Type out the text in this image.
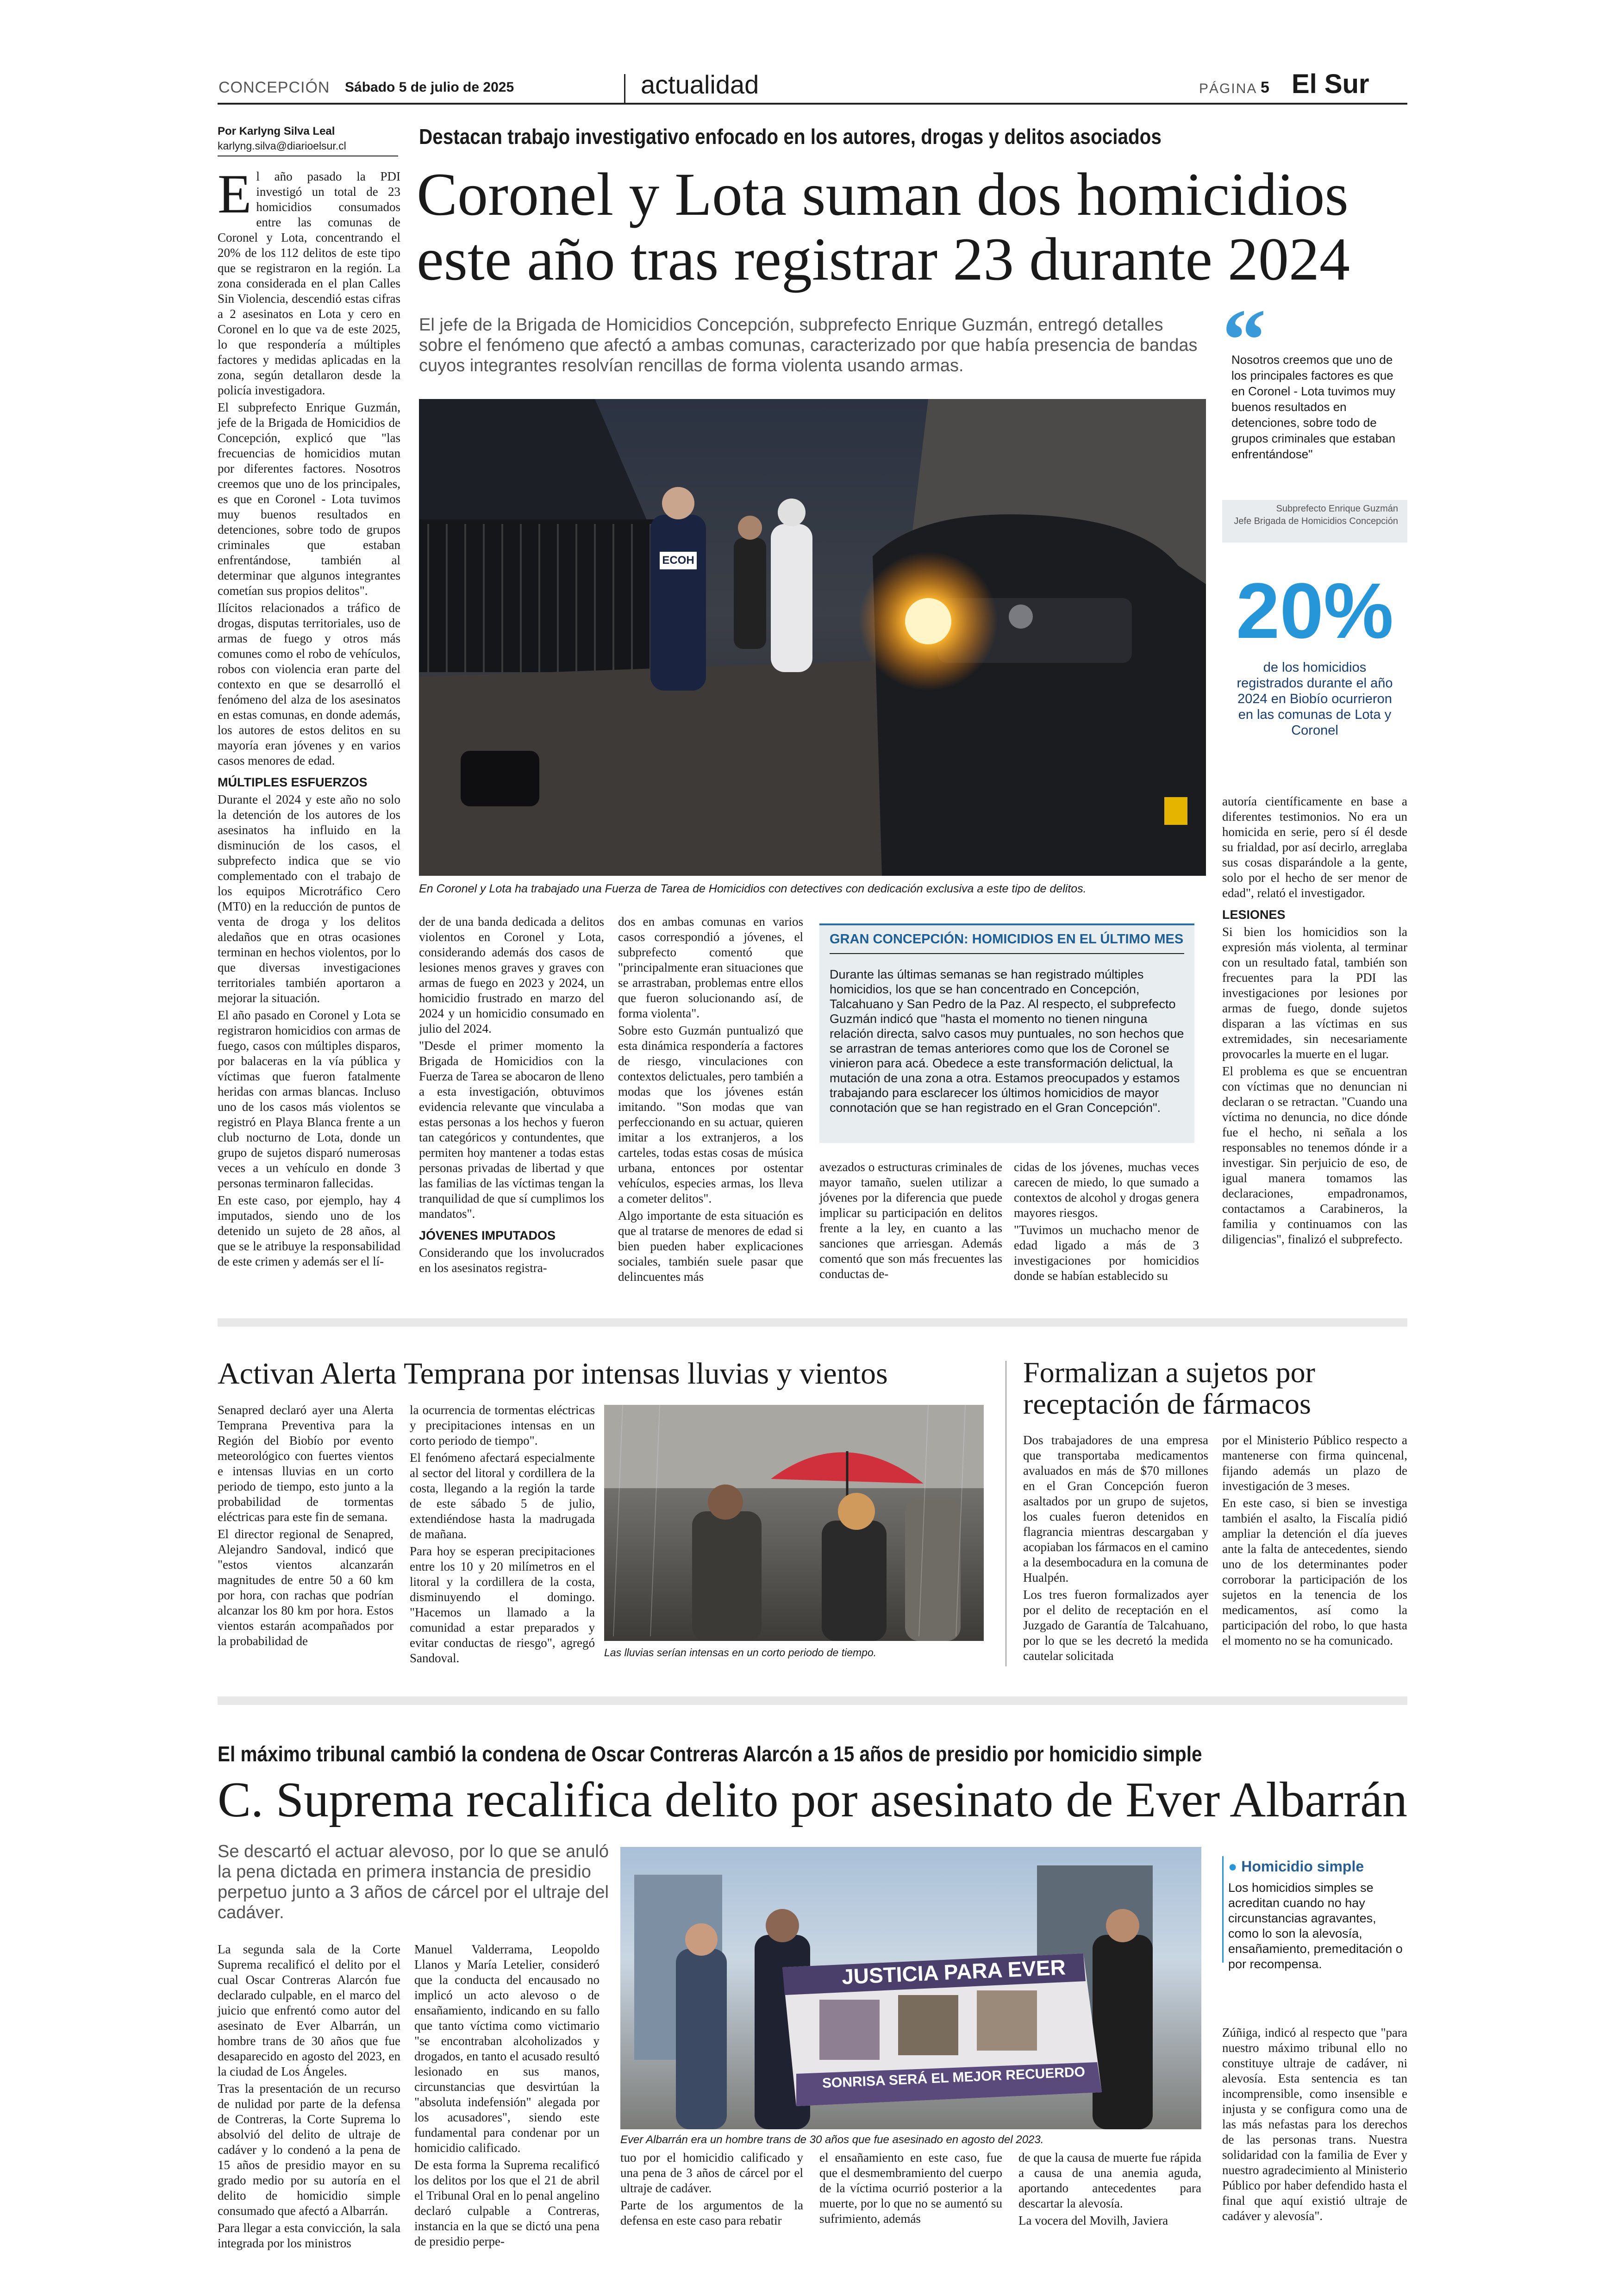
CONCEPCIÓN Sábado 5 de julio de 2025	actualidad	PÁGINA 5 El Sur
Por Karlyng Silva Leal
karlyng.silva@diarioelsur.cl	Destacan trabajo investigativo enfocado en los autores, drogas y delitos asociados
Coronel y Lota suman dos homicidios
este año tras registrar 23 durante 2024
El jefe de la Brigada de Homicidios Concepción, subprefecto Enrique Guzmán, entregó detalles sobre el fenómeno que afectó a ambas comunas, caracterizado por que había presencia de bandas cuyos integrantes resolvían rencillas de forma violenta usando armas.

El año pasado la PDI investigó un total de 23 homicidios consumados entre las comunas de Coronel y Lota, concentrando el 20% de los 112 delitos de este tipo que se registraron en la región. La zona considerada en el plan Calles Sin Violencia, descendió estas cifras a 2 asesinatos en Lota y cero en Coronel en lo que va de este 2025, lo que respondería a múltiples factores y medidas aplicadas en la zona, según detallaron desde la policía investigadora.

El subprefecto Enrique Guzmán, jefe de la Brigada de Homicidios de Concepción, explicó que "las frecuencias de homicidios mutan por diferentes factores. Nosotros creemos que uno de los principales, es que en Coronel - Lota tuvimos muy buenos resultados en detenciones, sobre todo de grupos criminales que estaban enfrentándose, también al determinar que algunos integrantes cometían sus propios delitos".

Ilícitos relacionados a tráfico de drogas, disputas territoriales, uso de armas de fuego y otros más comunes como el robo de vehículos, robos con violencia eran parte del contexto en que se desarrolló el fenómeno del alza de los asesinatos en estas comunas, en donde además, los autores de estos delitos en su mayoría eran jóvenes y en varios casos menores de edad.

MÚLTIPLES ESFUERZOS

Durante el 2024 y este año no solo la detención de los autores de los asesinatos ha influido en la disminución de los casos, el subprefecto indica que se vio complementado con el trabajo de los equipos Microtráfico Cero (MT0) en la reducción de puntos de venta de droga y los delitos aledaños que en otras ocasiones terminan en hechos violentos, por lo que diversas investigaciones territoriales también aportaron a mejorar la situación.

El año pasado en Coronel y Lota se registraron homicidios con armas de fuego, casos con múltiples disparos, por balaceras en la vía pública y víctimas que fueron fatalmente heridas con armas blancas. Incluso uno de los casos más violentos se registró en Playa Blanca frente a un club nocturno de Lota, donde un grupo de sujetos disparó numerosas veces a un vehículo en donde 3 personas terminaron fallecidas.

En este caso, por ejemplo, hay 4 imputados, siendo uno de los detenido un sujeto de 28 años, al que se le atribuye la responsabilidad de este crimen y además ser el lí-

ECOH
En Coronel y Lota ha trabajado una Fuerza de Tarea de Homicidios con detectives con dedicación exclusiva a este tipo de delitos.
“
Nosotros creemos que uno de los principales factores es que en Coronel - Lota tuvimos muy buenos resultados en detenciones, sobre todo de grupos criminales que estaban enfrentándose"
Subprefecto Enrique Guzmán
Jefe Brigada de Homicidios Concepción
20%
de los homicidios registrados durante el año 2024 en Biobío ocurrieron en las comunas de Lota y Coronel

autoría científicamente en base a diferentes testimonios. No era un homicida en serie, pero sí él desde su frialdad, por así decirlo, arreglaba sus cosas disparándole a la gente, solo por el hecho de ser menor de edad", relató el investigador.

LESIONES

Si bien los homicidios son la expresión más violenta, al terminar con un resultado fatal, también son frecuentes para la PDI las investigaciones por lesiones por armas de fuego, donde sujetos disparan a las víctimas en sus extremidades, sin necesariamente provocarles la muerte en el lugar.

El problema es que se encuentran con víctimas que no denuncian ni declaran o se retractan. "Cuando una víctima no denuncia, no dice dónde fue el hecho, ni señala a los responsables no tenemos dónde ir a investigar. Sin perjuicio de eso, de igual manera tomamos las declaraciones, empadronamos, contactamos a Carabineros, la familia y continuamos con las diligencias", finalizó el subprefecto.

der de una banda dedicada a delitos violentos en Coronel y Lota, considerando además dos casos de lesiones menos graves y graves con armas de fuego en 2023 y 2024, un homicidio frustrado en marzo del 2024 y un homicidio consumado en julio del 2024.

"Desde el primer momento la Brigada de Homicidios con la Fuerza de Tarea se abocaron de lleno a esta investigación, obtuvimos evidencia relevante que vinculaba a estas personas a los hechos y fueron tan categóricos y contundentes, que permiten hoy mantener a todas estas personas privadas de libertad y que las familias de las víctimas tengan la tranquilidad de que sí cumplimos los mandatos".

JÓVENES IMPUTADOS

Considerando que los involucrados en los asesinatos registra-

dos en ambas comunas en varios casos correspondió a jóvenes, el subprefecto comentó que "principalmente eran situaciones que se arrastraban, problemas entre ellos que fueron solucionando así, de forma violenta".

Sobre esto Guzmán puntualizó que esta dinámica respondería a factores de riesgo, vinculaciones con contextos delictuales, pero también a modas que los jóvenes están imitando. "Son modas que van perfeccionando en su actuar, quieren imitar a los extranjeros, a los carteles, todas estas cosas de música urbana, entonces por ostentar vehículos, especies armas, los lleva a cometer delitos".

Algo importante de esta situación es que al tratarse de menores de edad si bien pueden haber explicaciones sociales, también suele pasar que delincuentes más

GRAN CONCEPCIÓN: HOMICIDIOS EN EL ÚLTIMO MES
Durante las últimas semanas se han registrado múltiples homicidios, los que se han concentrado en Concepción, Talcahuano y San Pedro de la Paz. Al respecto, el subprefecto Guzmán indicó que "hasta el momento no tienen ninguna relación directa, salvo casos muy puntuales, no son hechos que se arrastran de temas anteriores como que los de Coronel se vinieron para acá. Obedece a este transformación delictual, la mutación de una zona a otra. Estamos preocupados y estamos trabajando para esclarecer los últimos homicidios de mayor connotación que se han registrado en el Gran Concepción".

avezados o estructuras criminales de mayor tamaño, suelen utilizar a jóvenes por la diferencia que puede implicar su participación en delitos frente a la ley, en cuanto a las sanciones que arriesgan. Además comentó que son más frecuentes las conductas de-

cidas de los jóvenes, muchas veces carecen de miedo, lo que sumado a contextos de alcohol y drogas genera mayores riesgos.

"Tuvimos un muchacho menor de edad ligado a más de 3 investigaciones por homicidios donde se habían establecido su

Activan Alerta Temprana por intensas lluvias y vientos

Senapred declaró ayer una Alerta Temprana Preventiva para la Región del Biobío por evento meteorológico con fuertes vientos e intensas lluvias en un corto periodo de tiempo, esto junto a la probabilidad de tormentas eléctricas para este fin de semana.

El director regional de Senapred, Alejandro Sandoval, indicó que "estos vientos alcanzarán magnitudes de entre 50 a 60 km por hora, con rachas que podrían alcanzar los 80 km por hora. Estos vientos estarán acompañados por la probabilidad de

la ocurrencia de tormentas eléctricas y precipitaciones intensas en un corto periodo de tiempo".

El fenómeno afectará especialmente al sector del litoral y cordillera de la costa, llegando a la región la tarde de este sábado 5 de julio, extendiéndose hasta la madrugada de mañana.

Para hoy se esperan precipitaciones entre los 10 y 20 milímetros en el litoral y la cordillera de la costa, disminuyendo el domingo. "Hacemos un llamado a la comunidad a estar preparados y evitar conductas de riesgo", agregó Sandoval.	Las lluvias serían intensas en un corto periodo de tiempo.
Formalizan a sujetos por
receptación de fármacos

Dos trabajadores de una empresa que transportaba medicamentos avaluados en más de $70 millones en el Gran Concepción fueron asaltados por un grupo de sujetos, los cuales fueron detenidos en flagrancia mientras descargaban y acopiaban los fármacos en el camino a la desembocadura en la comuna de Hualpén.

Los tres fueron formalizados ayer por el delito de receptación en el Juzgado de Garantía de Talcahuano, por lo que se les decretó la medida cautelar solicitada

por el Ministerio Público respecto a mantenerse con firma quincenal, fijando además un plazo de investigación de 3 meses.

En este caso, si bien se investiga también el asalto, la Fiscalía pidió ampliar la detención el día jueves ante la falta de antecedentes, siendo uno de los determinantes poder corroborar la participación de los sujetos en la tenencia de los medicamentos, así como la participación del robo, lo que hasta el momento no se ha comunicado.

El máximo tribunal cambió la condena de Oscar Contreras Alarcón a 15 años de presidio por homicidio simple
C. Suprema recalifica delito por asesinato de Ever Albarrán
Se descartó el actuar alevoso, por lo que se anuló la pena dictada en primera instancia de presidio perpetuo junto a 3 años de cárcel por el ultraje del cadáver.

La segunda sala de la Corte Suprema recalificó el delito por el cual Oscar Contreras Alarcón fue declarado culpable, en el marco del juicio que enfrentó como autor del asesinato de Ever Albarrán, un hombre trans de 30 años que fue desaparecido en agosto del 2023, en la ciudad de Los Ángeles.

Tras la presentación de un recurso de nulidad por parte de la defensa de Contreras, la Corte Suprema lo absolvió del delito de ultraje de cadáver y lo condenó a la pena de 15 años de presidio mayor en su grado medio por su autoría en el delito de homicidio simple consumado que afectó a Albarrán.

Para llegar a esta convicción, la sala integrada por los ministros

Manuel Valderrama, Leopoldo Llanos y María Letelier, consideró que la conducta del encausado no implicó un acto alevoso o de ensañamiento, indicando en su fallo que tanto víctima como victimario "se encontraban alcoholizados y drogados, en tanto el acusado resultó lesionado en sus manos, circunstancias que desvirtúan la "absoluta indefensión" alegada por los acusadores", siendo este fundamental para condenar por un homicidio calificado.

De esta forma la Suprema recalificó los delitos por los que el 21 de abril el Tribunal Oral en lo penal angelino declaró culpable a Contreras, instancia en la que se dictó una pena de presidio perpe-

JUSTICIA PARA EVER
SONRISA SERÁ EL MEJOR RECUERDO
Ever Albarrán era un hombre trans de 30 años que fue asesinado en agosto del 2023.

tuo por el homicidio calificado y una pena de 3 años de cárcel por el ultraje de cadáver.

Parte de los argumentos de la defensa en este caso para rebatir

el ensañamiento en este caso, fue que el desmembramiento del cuerpo de la víctima ocurrió posterior a la muerte, por lo que no se aumentó su sufrimiento, además

de que la causa de muerte fue rápida a causa de una anemia aguda, aportando antecedentes para descartar la alevosía.

La vocera del Movilh, Javiera

● Homicidio simple
Los homicidios simples se acreditan cuando no hay circunstancias agravantes, como lo son la alevosía, ensañamiento, premeditación o por recompensa.

Zúñiga, indicó al respecto que "para nuestro máximo tribunal ello no constituye ultraje de cadáver, ni alevosía. Esta sentencia es tan incomprensible, como insensible e injusta y se configura como una de las más nefastas para los derechos de las personas trans. Nuestra solidaridad con la familia de Ever y nuestro agradecimiento al Ministerio Público por haber defendido hasta el final que aquí existió ultraje de cadáver y alevosía".
